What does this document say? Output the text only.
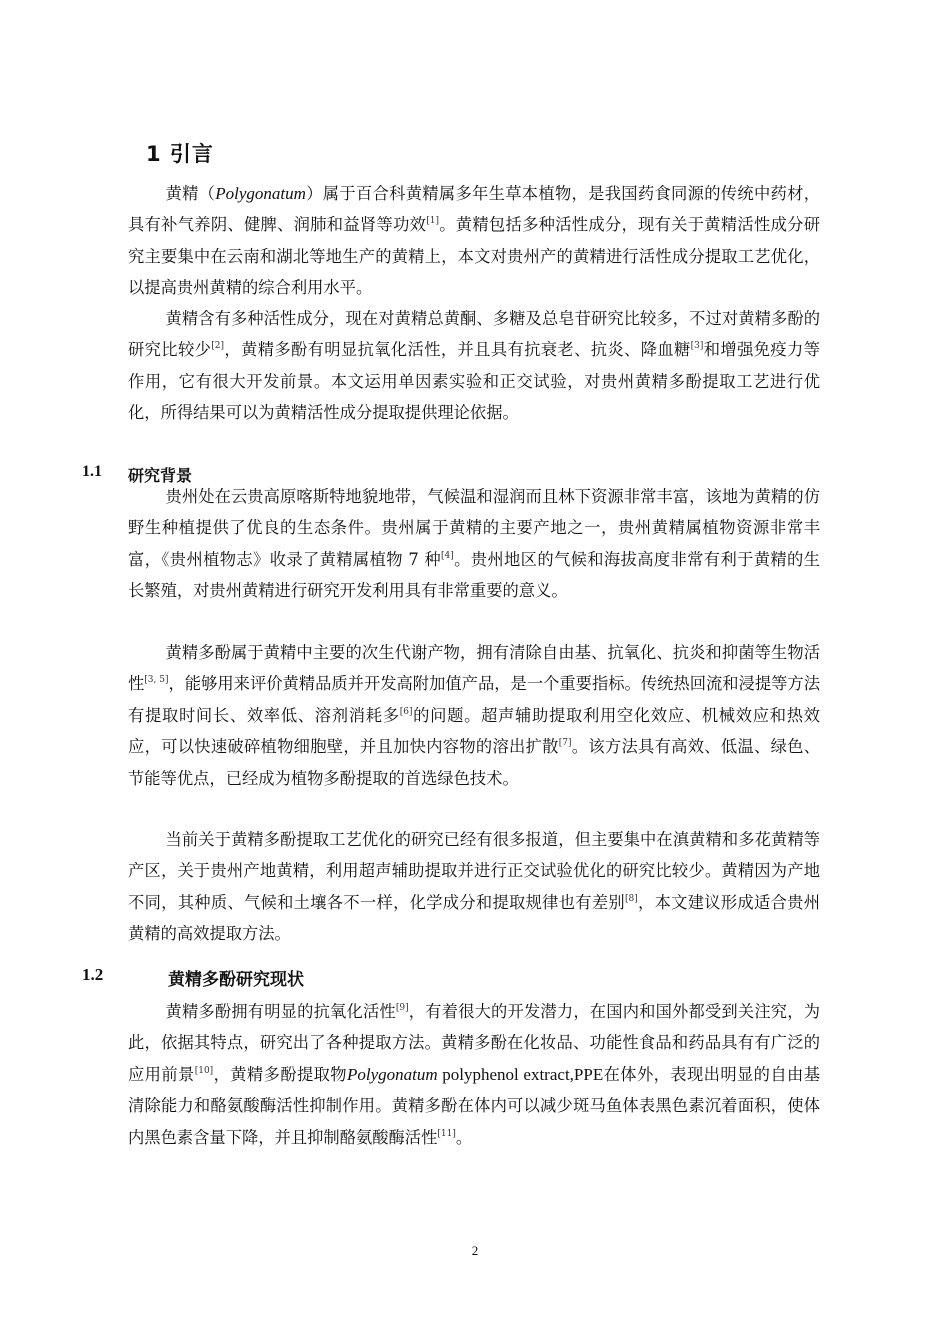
1 引言

黄精（Polygonatum）属于百合科黄精属多年生草本植物，是我国药食同源的传统中药材，具有补气养阴、健脾、润肺和益肾等功效[1]。黄精包括多种活性成分，现有关于黄精活性成分研究主要集中在云南和湖北等地生产的黄精上，本文对贵州产的黄精进行活性成分提取工艺优化，以提高贵州黄精的综合利用水平。

黄精含有多种活性成分，现在对黄精总黄酮、多糖及总皂苷研究比较多，不过对黄精多酚的研究比较少[2]，黄精多酚有明显抗氧化活性，并且具有抗衰老、抗炎、降血糖[3]和增强免疫力等作用，它有很大开发前景。本文运用单因素实验和正交试验，对贵州黄精多酚提取工艺进行优化，所得结果可以为黄精活性成分提取提供理论依据。

1.1 研究背景

贵州处在云贵高原喀斯特地貌地带，气候温和湿润而且林下资源非常丰富，该地为黄精的仿野生种植提供了优良的生态条件。贵州属于黄精的主要产地之一，贵州黄精属植物资源非常丰富，《贵州植物志》收录了黄精属植物 7 种[4]。贵州地区的气候和海拔高度非常有利于黄精的生长繁殖，对贵州黄精进行研究开发利用具有非常重要的意义。

黄精多酚属于黄精中主要的次生代谢产物，拥有清除自由基、抗氧化、抗炎和抑菌等生物活性[3, 5]，能够用来评价黄精品质并开发高附加值产品，是一个重要指标。传统热回流和浸提等方法有提取时间长、效率低、溶剂消耗多[6]的问题。超声辅助提取利用空化效应、机械效应和热效应，可以快速破碎植物细胞壁，并且加快内容物的溶出扩散[7]。该方法具有高效、低温、绿色、节能等优点，已经成为植物多酚提取的首选绿色技术。

当前关于黄精多酚提取工艺优化的研究已经有很多报道，但主要集中在滇黄精和多花黄精等产区，关于贵州产地黄精，利用超声辅助提取并进行正交试验优化的研究比较少。黄精因为产地不同，其种质、气候和土壤各不一样，化学成分和提取规律也有差别[8]，本文建议形成适合贵州黄精的高效提取方法。

1.2	黄精多酚研究现状

黄精多酚拥有明显的抗氧化活性[9]，有着很大的开发潜力，在国内和国外都受到关注究，为此，依据其特点，研究出了各种提取方法。黄精多酚在化妆品、功能性食品和药品具有有广泛的应用前景[10]，黄精多酚提取物Polygonatum polyphenol extract,PPE在体外，表现出明显的自由基清除能力和酪氨酸酶活性抑制作用。黄精多酚在体内可以减少斑马鱼体表黑色素沉着面积，使体内黑色素含量下降，并且抑制酪氨酸酶活性[11]。

2
